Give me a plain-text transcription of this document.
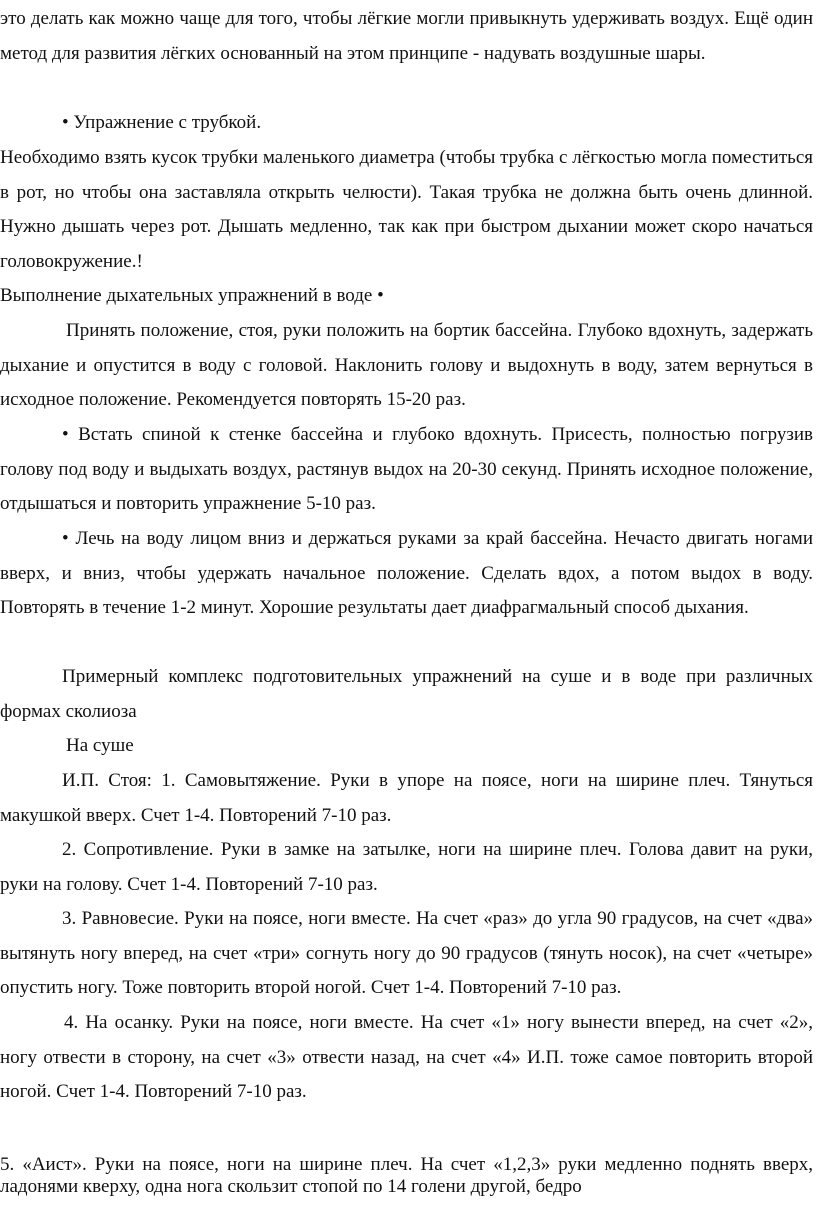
это делать как можно чаще для того, чтобы лёгкие могли привыкнуть удерживать воздух. Ещё один метод для развития лёгких основанный на этом принципе - надувать воздушные шары.

• Упражнение с трубкой.

Необходимо взять кусок трубки маленького диаметра (чтобы трубка с лёгкостью могла поместиться в рот, но чтобы она заставляла открыть челюсти). Такая трубка не должна быть очень длинной. Нужно дышать через рот. Дышать медленно, так как при быстром дыхании может скоро начаться головокружение.!

Выполнение дыхательных упражнений в воде •

Принять положение, стоя, руки положить на бортик бассейна. Глубоко вдохнуть, задержать дыхание и опустится в воду с головой. Наклонить голову и выдохнуть в воду, затем вернуться в исходное положение. Рекомендуется повторять 15-20 раз.

• Встать спиной к стенке бассейна и глубоко вдохнуть. Присесть, полностью погрузив голову под воду и выдыхать воздух, растянув выдох на 20-30 секунд. Принять исходное положение, отдышаться и повторить упражнение 5-10 раз.

• Лечь на воду лицом вниз и держаться руками за край бассейна. Нечасто двигать ногами вверх, и вниз, чтобы удержать начальное положение. Сделать вдох, а потом выдох в воду. Повторять в течение 1-2 минут. Хорошие результаты дает диафрагмальный способ дыхания.

Примерный комплекс подготовительных упражнений на суше и в воде при различных формах сколиоза

На суше

И.П. Стоя: 1. Самовытяжение. Руки в упоре на поясе, ноги на ширине плеч. Тянуться макушкой вверх. Счет 1-4. Повторений 7-10 раз.

2. Сопротивление. Руки в замке на затылке, ноги на ширине плеч. Голова давит на руки, руки на голову. Счет 1-4. Повторений 7-10 раз.

3. Равновесие. Руки на поясе, ноги вместе. На счет «раз» до угла 90 градусов, на счет «два» вытянуть ногу вперед, на счет «три» согнуть ногу до 90 градусов (тянуть носок), на счет «четыре» опустить ногу. Тоже повторить второй ногой. Счет 1-4. Повторений 7-10 раз.

4. На осанку. Руки на поясе, ноги вместе. На счет «1» ногу вынести вперед, на счет «2», ногу отвести в сторону, на счет «3» отвести назад, на счет «4» И.П. тоже самое повторить второй ногой. Счет 1-4. Повторений 7-10 раз.

5. «Аист». Руки на поясе, ноги на ширине плеч. На счет «1,2,3» руки медленно поднять вверх, ладонями кверху, одна нога скользит стопой по 14 голени другой, бедро
